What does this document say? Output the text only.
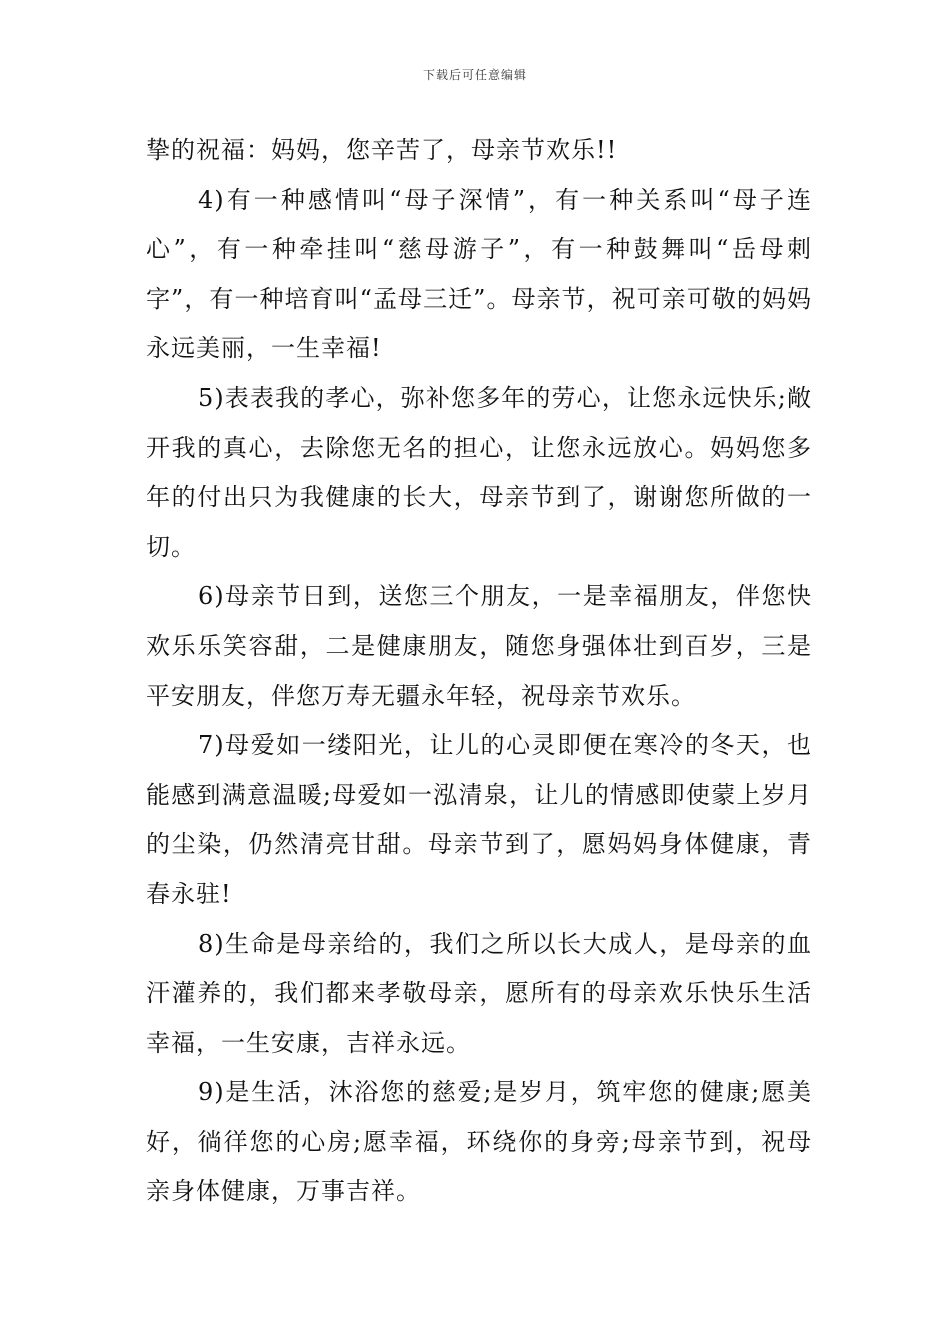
下载后可任意编辑

挚的祝福：妈妈，您辛苦了，母亲节欢乐!!

4)有一种感情叫“母子深情”，有一种关系叫“母子连心”，有一种牵挂叫“慈母游子”，有一种鼓舞叫“岳母刺字”，有一种培育叫“孟母三迁”。母亲节，祝可亲可敬的妈妈永远美丽，一生幸福!

5)表表我的孝心，弥补您多年的劳心，让您永远快乐;敞开我的真心，去除您无名的担心，让您永远放心。妈妈您多年的付出只为我健康的长大，母亲节到了，谢谢您所做的一切。

6)母亲节日到，送您三个朋友，一是幸福朋友，伴您快欢乐乐笑容甜，二是健康朋友，随您身强体壮到百岁，三是平安朋友，伴您万寿无疆永年轻，祝母亲节欢乐。

7)母爱如一缕阳光，让儿的心灵即便在寒冷的冬天，也能感到满意温暖;母爱如一泓清泉，让儿的情感即使蒙上岁月的尘染，仍然清亮甘甜。母亲节到了，愿妈妈身体健康，青春永驻!

8)生命是母亲给的，我们之所以长大成人，是母亲的血汗灌养的，我们都来孝敬母亲，愿所有的母亲欢乐快乐生活幸福，一生安康，吉祥永远。

9)是生活，沐浴您的慈爱;是岁月，筑牢您的健康;愿美好，徜徉您的心房;愿幸福，环绕你的身旁;母亲节到，祝母亲身体健康，万事吉祥。
